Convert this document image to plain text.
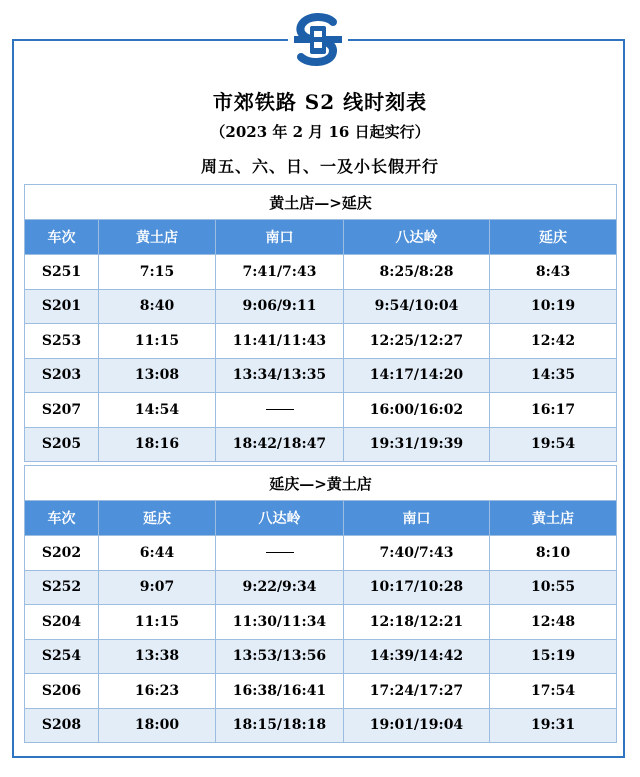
市郊铁路 S2 线时刻表
（2023 年 2 月 16 日起实行）
周五、六、日、一及小长假开行
黄土店—>延庆				
车次	黄土店	南口	八达岭	延庆
S251	7:15	7:41/7:43	8:25/8:28	8:43
S201	8:40	9:06/9:11	9:54/10:04	10:19
S253	11:15	11:41/11:43	12:25/12:27	12:42
S203	13:08	13:34/13:35	14:17/14:20	14:35
S207	14:54		16:00/16:02	16:17
S205	18:16	18:42/18:47	19:31/19:39	19:54
延庆—>黄土店				
车次	延庆	八达岭	南口	黄土店
S202	6:44		7:40/7:43	8:10
S252	9:07	9:22/9:34	10:17/10:28	10:55
S204	11:15	11:30/11:34	12:18/12:21	12:48
S254	13:38	13:53/13:56	14:39/14:42	15:19
S206	16:23	16:38/16:41	17:24/17:27	17:54
S208	18:00	18:15/18:18	19:01/19:04	19:31
